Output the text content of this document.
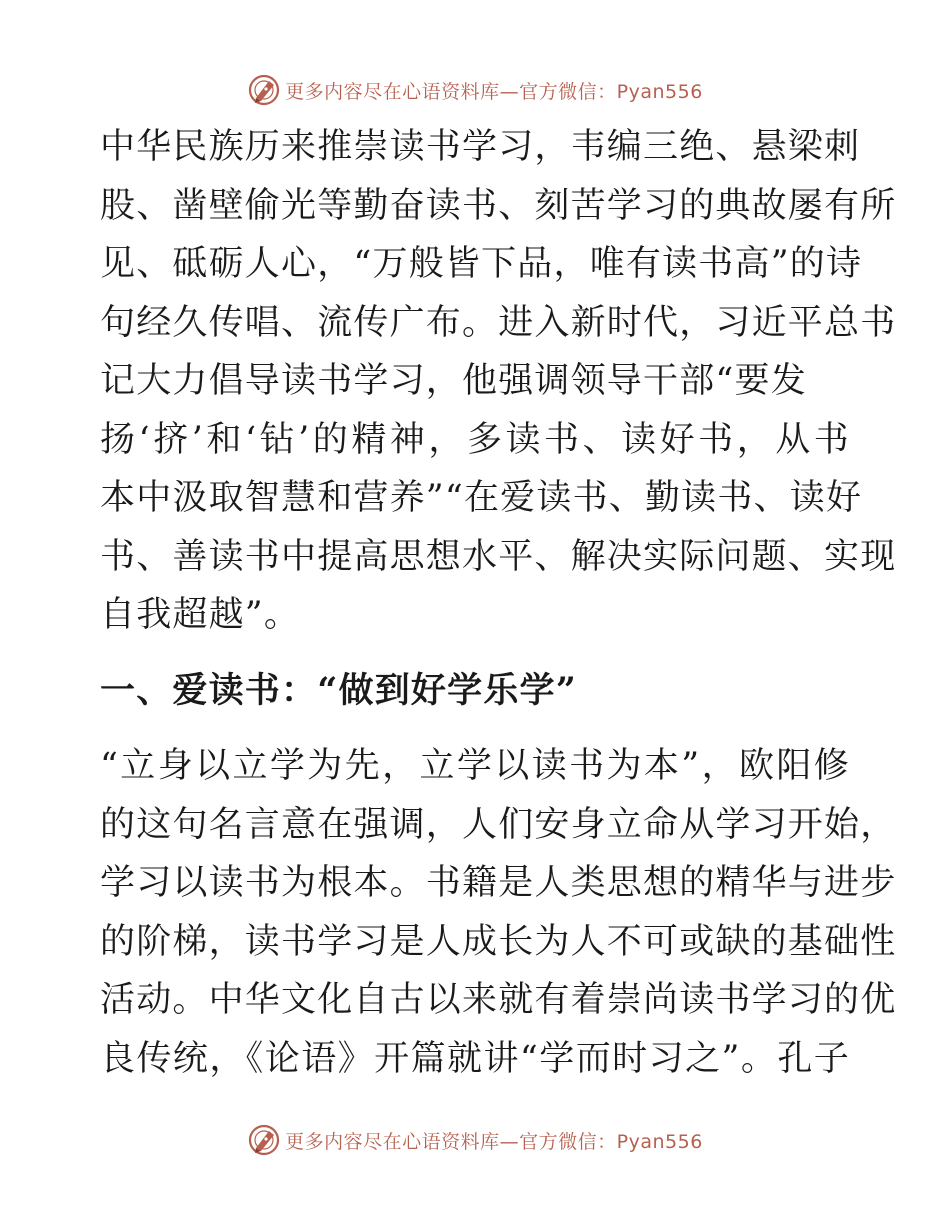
更多内容尽在心语资料库—官方微信：Pyan556

中华民族历来推崇读书学习，韦编三绝、悬梁刺
股、凿壁偷光等勤奋读书、刻苦学习的典故屡有所
见、砥砺人心，“万般皆下品，唯有读书高”的诗
句经久传唱、流传广布。进入新时代，习近平总书
记大力倡导读书学习，他强调领导干部“要发
扬‘挤’和‘钻’的精神，多读书、读好书，从书
本中汲取智慧和营养”“在爱读书、勤读书、读好
书、善读书中提高思想水平、解决实际问题、实现
自我超越”。

一、爱读书：“做到好学乐学”

“立身以立学为先，立学以读书为本”，欧阳修
的这句名言意在强调，人们安身立命从学习开始，
学习以读书为根本。书籍是人类思想的精华与进步
的阶梯，读书学习是人成长为人不可或缺的基础性
活动。中华文化自古以来就有着崇尚读书学习的优
良传统，《论语》开篇就讲“学而时习之”。孔子

更多内容尽在心语资料库—官方微信：Pyan556
